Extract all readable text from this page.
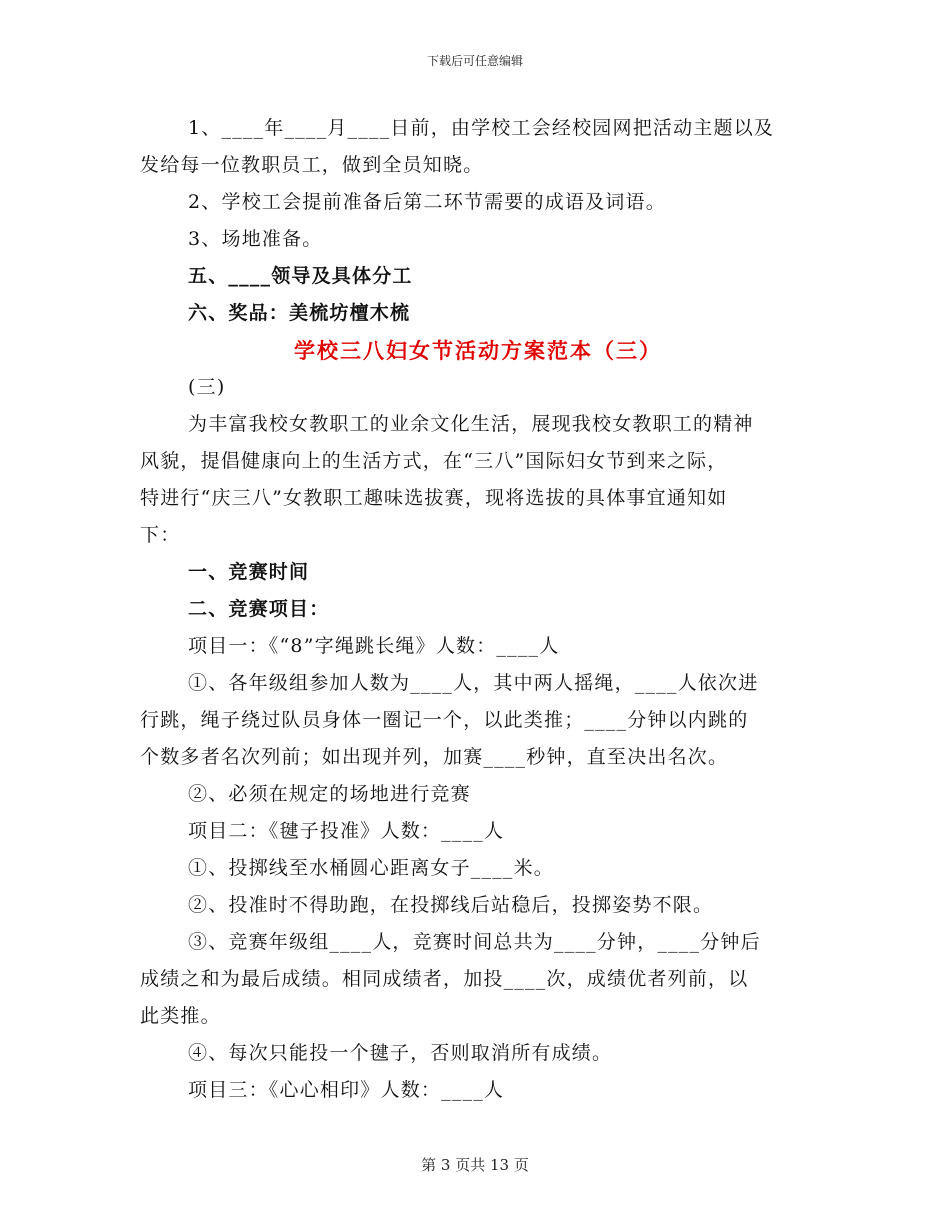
下载后可任意编辑
1、____年____月____日前，由学校工会经校园网把活动主题以及
发给每一位教职员工，做到全员知晓。
2、学校工会提前准备后第二环节需要的成语及词语。
3、场地准备。
五、____领导及具体分工
六、奖品：美梳坊檀木梳
学校三八妇女节活动方案范本（三）
(三)
为丰富我校女教职工的业余文化生活，展现我校女教职工的精神
风貌，提倡健康向上的生活方式，在“三八”国际妇女节到来之际，
特进行“庆三八”女教职工趣味选拔赛，现将选拔的具体事宜通知如
下：
一、竞赛时间
二、竞赛项目：
项目一：《“8”字绳跳长绳》人数：____人
①、各年级组参加人数为____人，其中两人摇绳，____人依次进
行跳，绳子绕过队员身体一圈记一个，以此类推；____分钟以内跳的
个数多者名次列前；如出现并列，加赛____秒钟，直至决出名次。
②、必须在规定的场地进行竞赛
项目二：《毽子投准》人数：____人
①、投掷线至水桶圆心距离女子____米。
②、投准时不得助跑，在投掷线后站稳后，投掷姿势不限。
③、竞赛年级组____人，竞赛时间总共为____分钟，____分钟后
成绩之和为最后成绩。相同成绩者，加投____次，成绩优者列前，以
此类推。
④、每次只能投一个毽子，否则取消所有成绩。
项目三：《心心相印》人数：____人
第 3 页共 13 页
